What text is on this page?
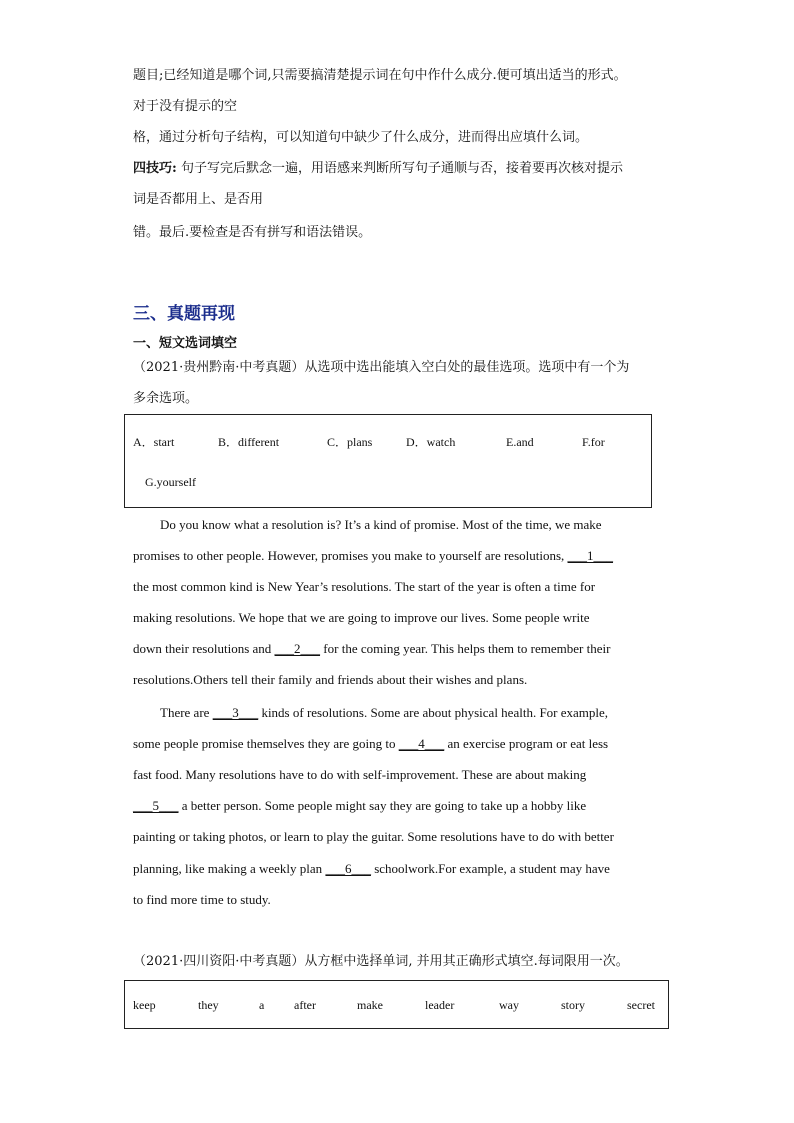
题目;已经知道是哪个词,只需要搞清楚提示词在句中作什么成分.便可填出适当的形式。
对于没有提示的空
格，通过分析句子结构，可以知道句中缺少了什么成分，进而得出应填什么词。
四技巧: 句子写完后默念一遍，用语感来判断所写句子通顺与否，接着要再次核对提示
词是否都用上、是否用
错。最后.要检查是否有拼写和语法错误。
三、真题再现
一、短文选词填空
（2021·贵州黔南·中考真题）从选项中选出能填入空白处的最佳选项。选项中有一个为
多余选项。
A．start	B．different	C．plans	D．watch	E.and	F.for
G.yourself
Do you know what a resolution is? It’s a kind of promise. Most of the time, we make
promises to other people. However, promises you make to yourself are resolutions, ___1___
the most common kind is New Year’s resolutions. The start of the year is often a time for
making resolutions. We hope that we are going to improve our lives. Some people write
down their resolutions and ___2___ for the coming year. This helps them to remember their
resolutions.Others tell their family and friends about their wishes and plans.
There are ___3___ kinds of resolutions. Some are about physical health. For example,
some people promise themselves they are going to ___4___ an exercise program or eat less
fast food. Many resolutions have to do with self-improvement. These are about making
___5___ a better person. Some people might say they are going to take up a hobby like
painting or taking photos, or learn to play the guitar. Some resolutions have to do with better
planning, like making a weekly plan ___6___ schoolwork.For example, a student may have
to find more time to study.
（2021·四川资阳·中考真题）从方框中选择单词, 并用其正确形式填空.每词限用一次。
keep	they	a after	make	leader	way	story	secret
